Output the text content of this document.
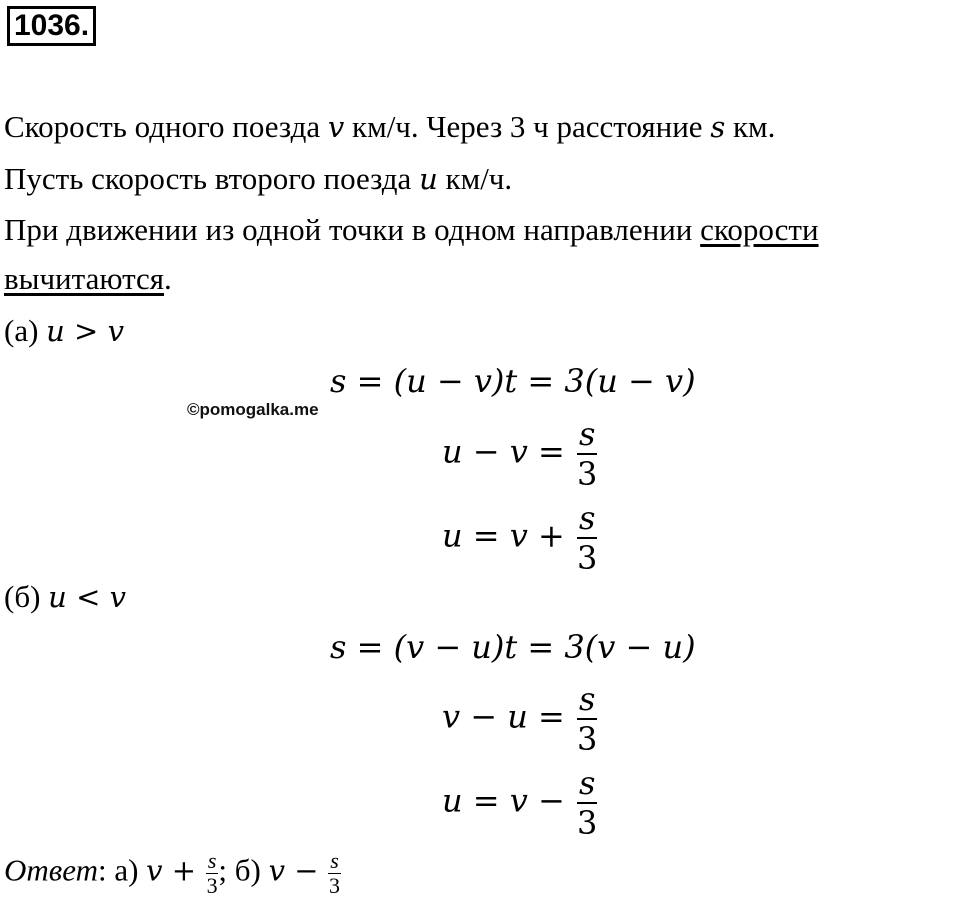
1036.
Скорость одного поезда v км/ч. Через 3 ч расстояние s км.
Пусть скорость второго поезда u км/ч.
При движении из одной точки в одном направлении скорости
вычитаются.
(а) u > v
s = (u − v)t = 3(u − v)
©pomogalka.me
$u - v = \frac{s}{3}$
$u = v + \frac{s}{3}$
(б) u < v
s = (v − u)t = 3(v − u)
$v - u = \frac{s}{3}$
$u = v - \frac{s}{3}$
Ответ: а) $v + \frac{s}{3}$ ; б) $v - \frac{s}{3}$
